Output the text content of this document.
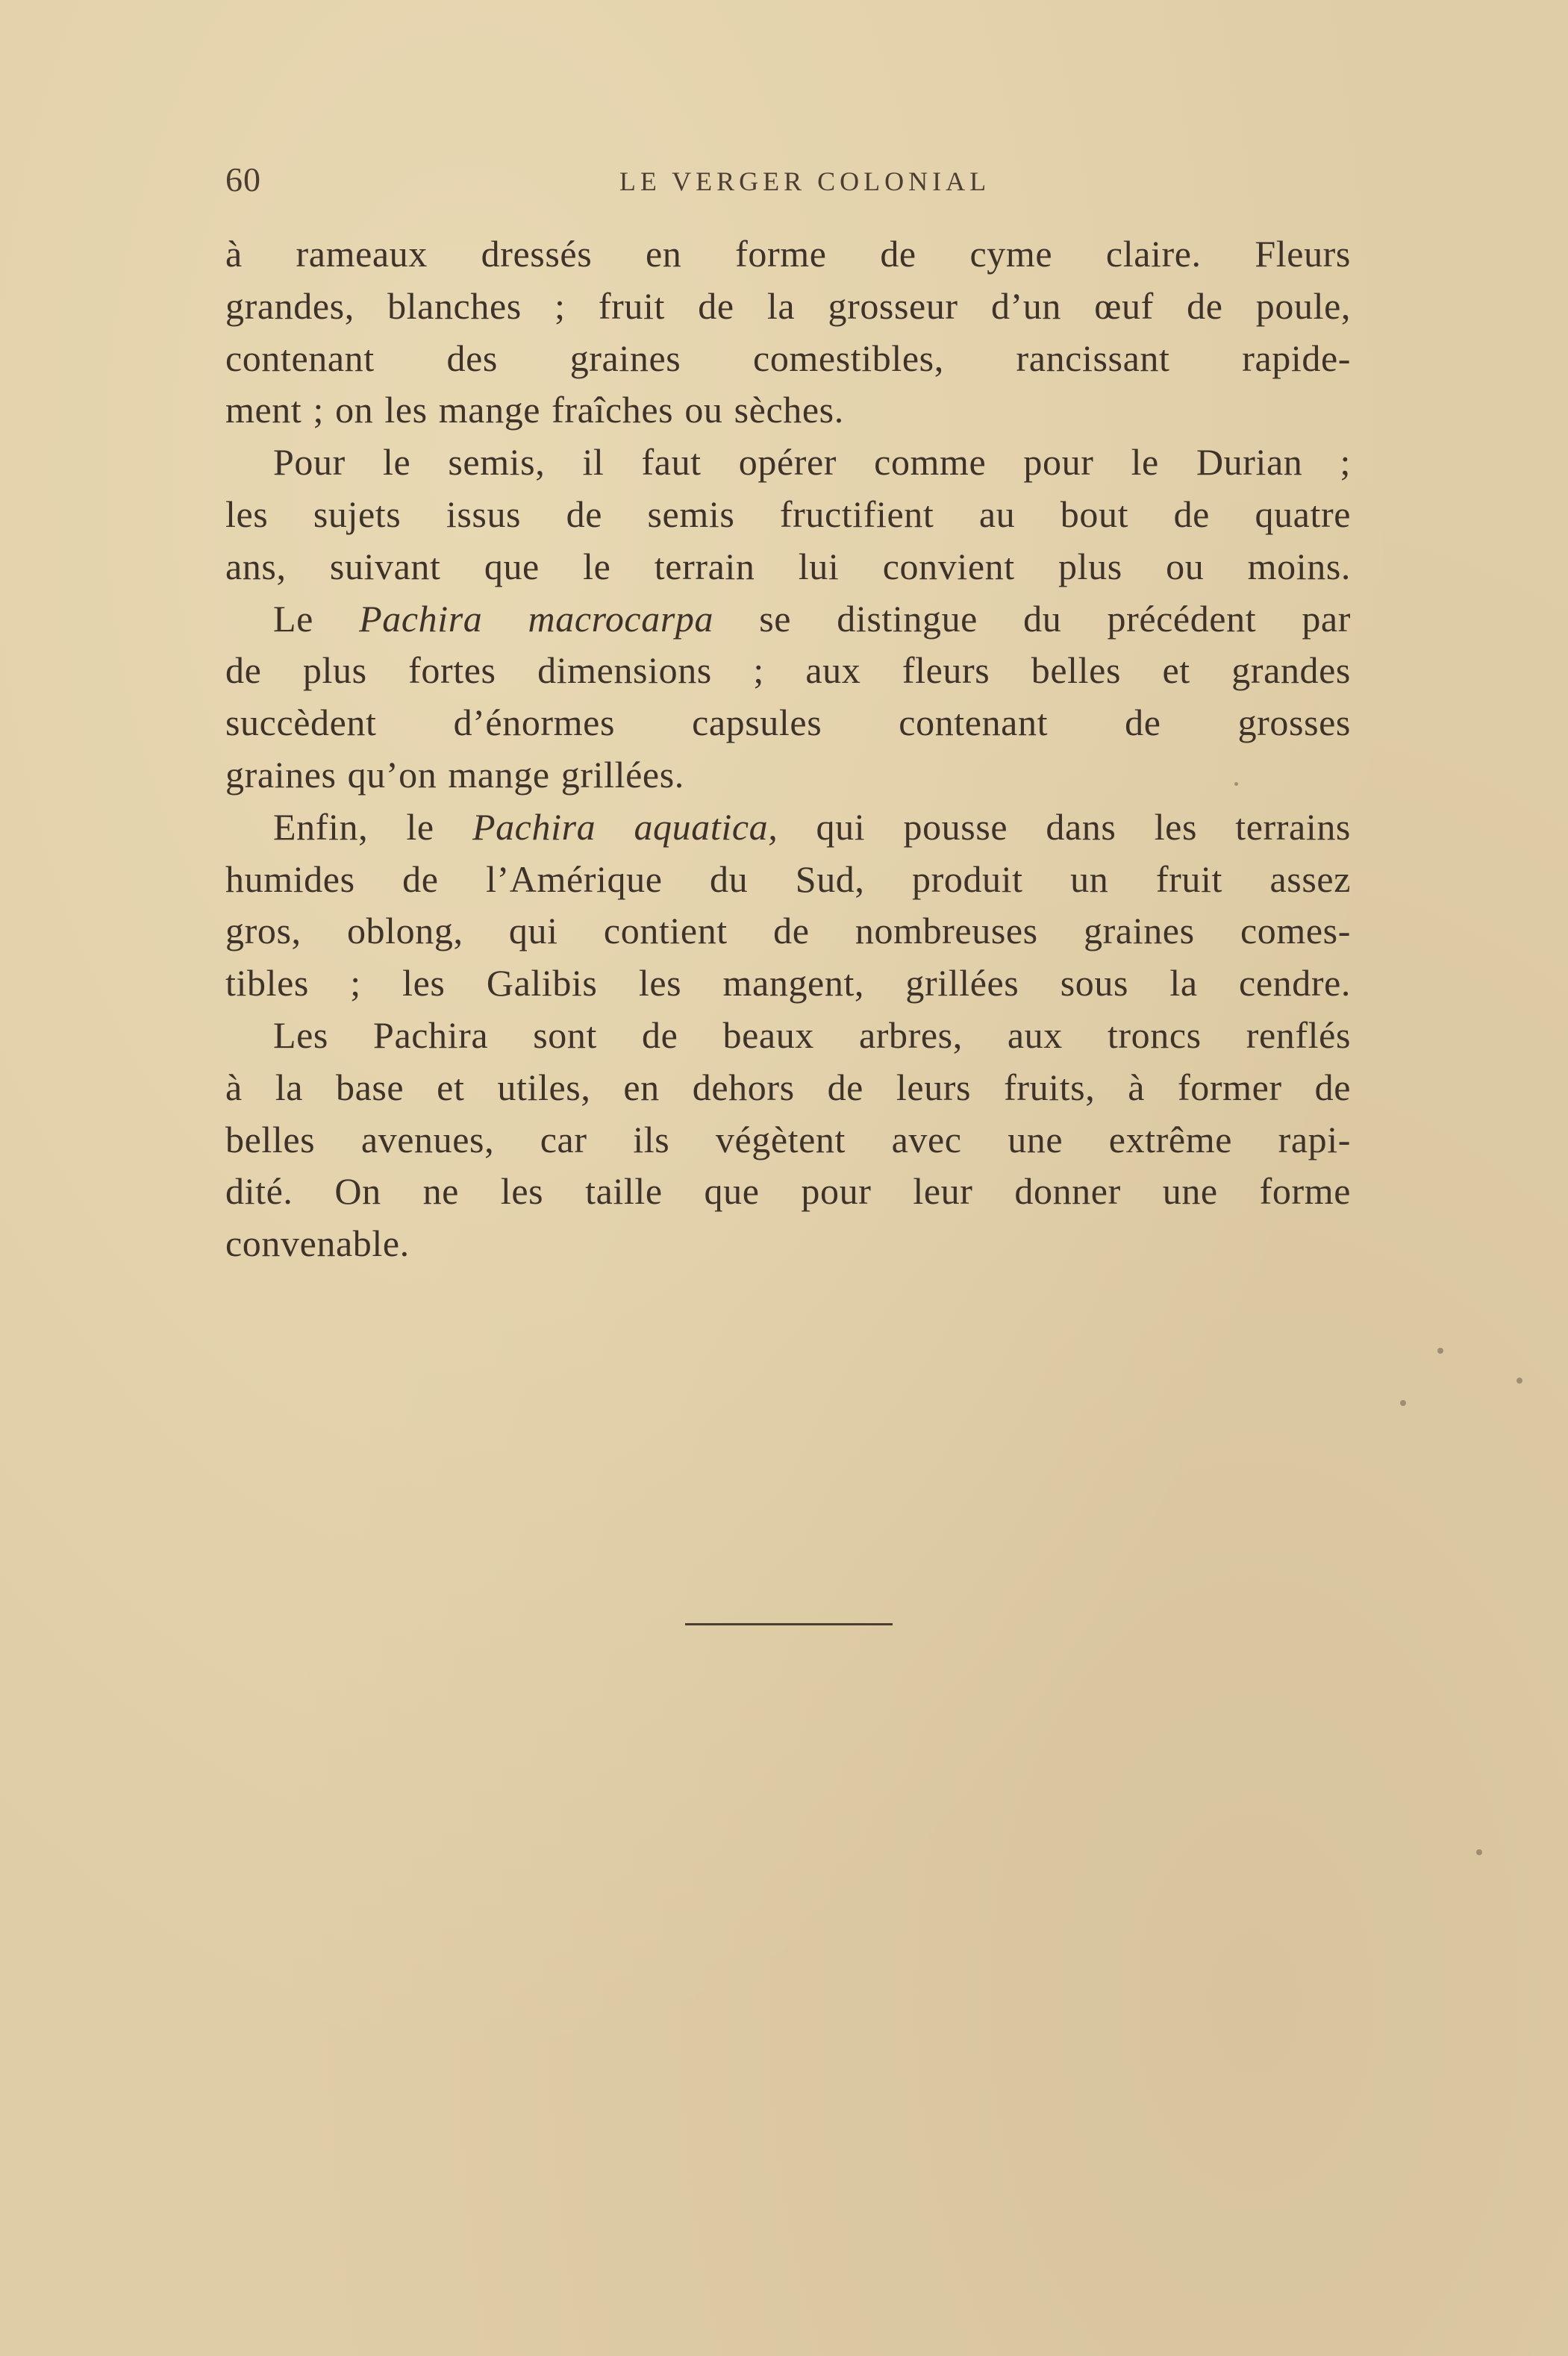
60	LE VERGER COLONIAL

à rameaux dressés en forme de cyme claire. Fleurs

grandes, blanches ; fruit de la grosseur d’un œuf de poule,

contenant des graines comestibles, rancissant rapide-

ment ; on les mange fraîches ou sèches.

Pour le semis, il faut opérer comme pour le Durian ;

les sujets issus de semis fructifient au bout de quatre

ans, suivant que le terrain lui convient plus ou moins.

Le Pachira macrocarpa se distingue du précédent par

de plus fortes dimensions ; aux fleurs belles et grandes

succèdent d’énormes capsules contenant de grosses

graines qu’on mange grillées.

Enfin, le Pachira aquatica, qui pousse dans les terrains

humides de l’Amérique du Sud, produit un fruit assez

gros, oblong, qui contient de nombreuses graines comes-

tibles ; les Galibis les mangent, grillées sous la cendre.

Les Pachira sont de beaux arbres, aux troncs renflés

à la base et utiles, en dehors de leurs fruits, à former de

belles avenues, car ils végètent avec une extrême rapi-

dité. On ne les taille que pour leur donner une forme

convenable.
